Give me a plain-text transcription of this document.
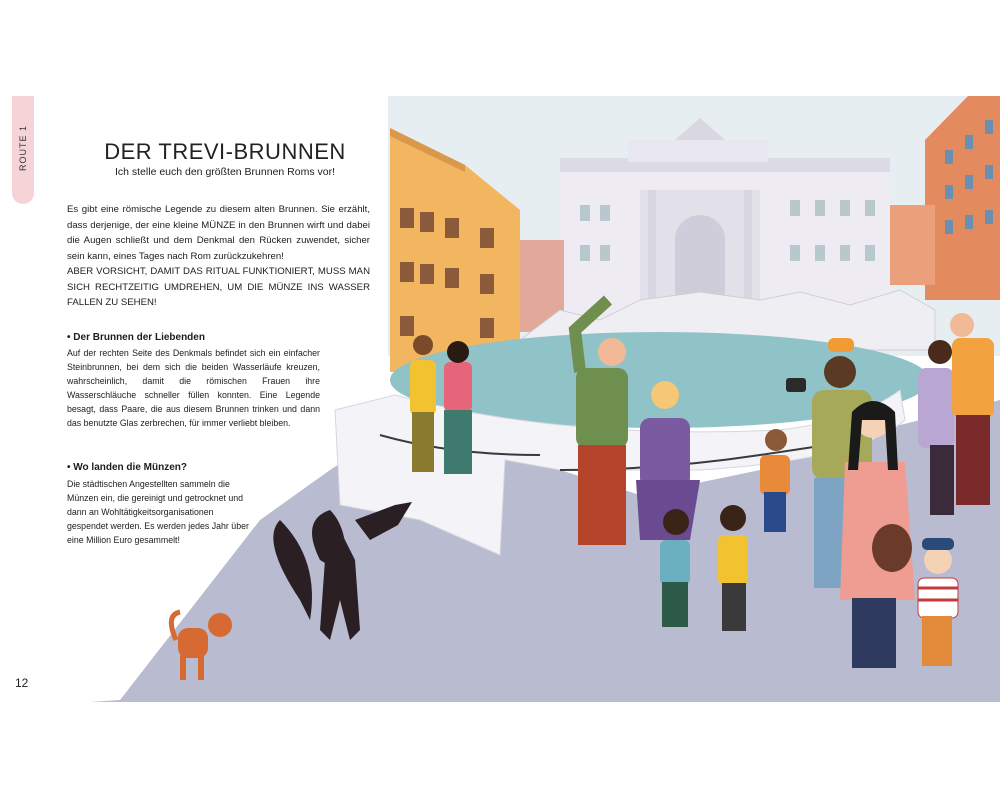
ROUTE 1	DER TREVI-BRUNNEN
Ich stelle euch den größten Brunnen Roms vor!

Es gibt eine römische Legende zu diesem alten Brunnen. Sie erzählt, dass derjenige, der eine kleine MÜNZE in den Brunnen wirft und dabei die Augen schließt und dem Denkmal den Rücken zuwendet, sicher sein kann, eines Tages nach Rom zurückzukehren!
ABER VORSICHT, DAMIT DAS RITUAL FUNKTIONIERT, MUSS MAN SICH RECHTZEITIG UMDREHEN, UM DIE MÜNZE INS WASSER FALLEN ZU SEHEN!

• Der Brunnen der Liebenden

Auf der rechten Seite des Denkmals befindet sich ein einfacher Steinbrunnen, bei dem sich die beiden Wasserläufe kreuzen, wahrscheinlich, damit die römischen Frauen ihre Wasserschläuche schneller füllen konnten. Eine Legende besagt, dass Paare, die aus diesem Brunnen trinken und dann das benutzte Glas zerbrechen, für immer verliebt bleiben.

• Wo landen die Münzen?

Die städtischen Angestellten sammeln die Münzen ein, die gereinigt und getrocknet und dann an Wohltätigkeitsorganisationen gespendet werden. Es werden jedes Jahr über eine Million Euro gesammelt!

12
